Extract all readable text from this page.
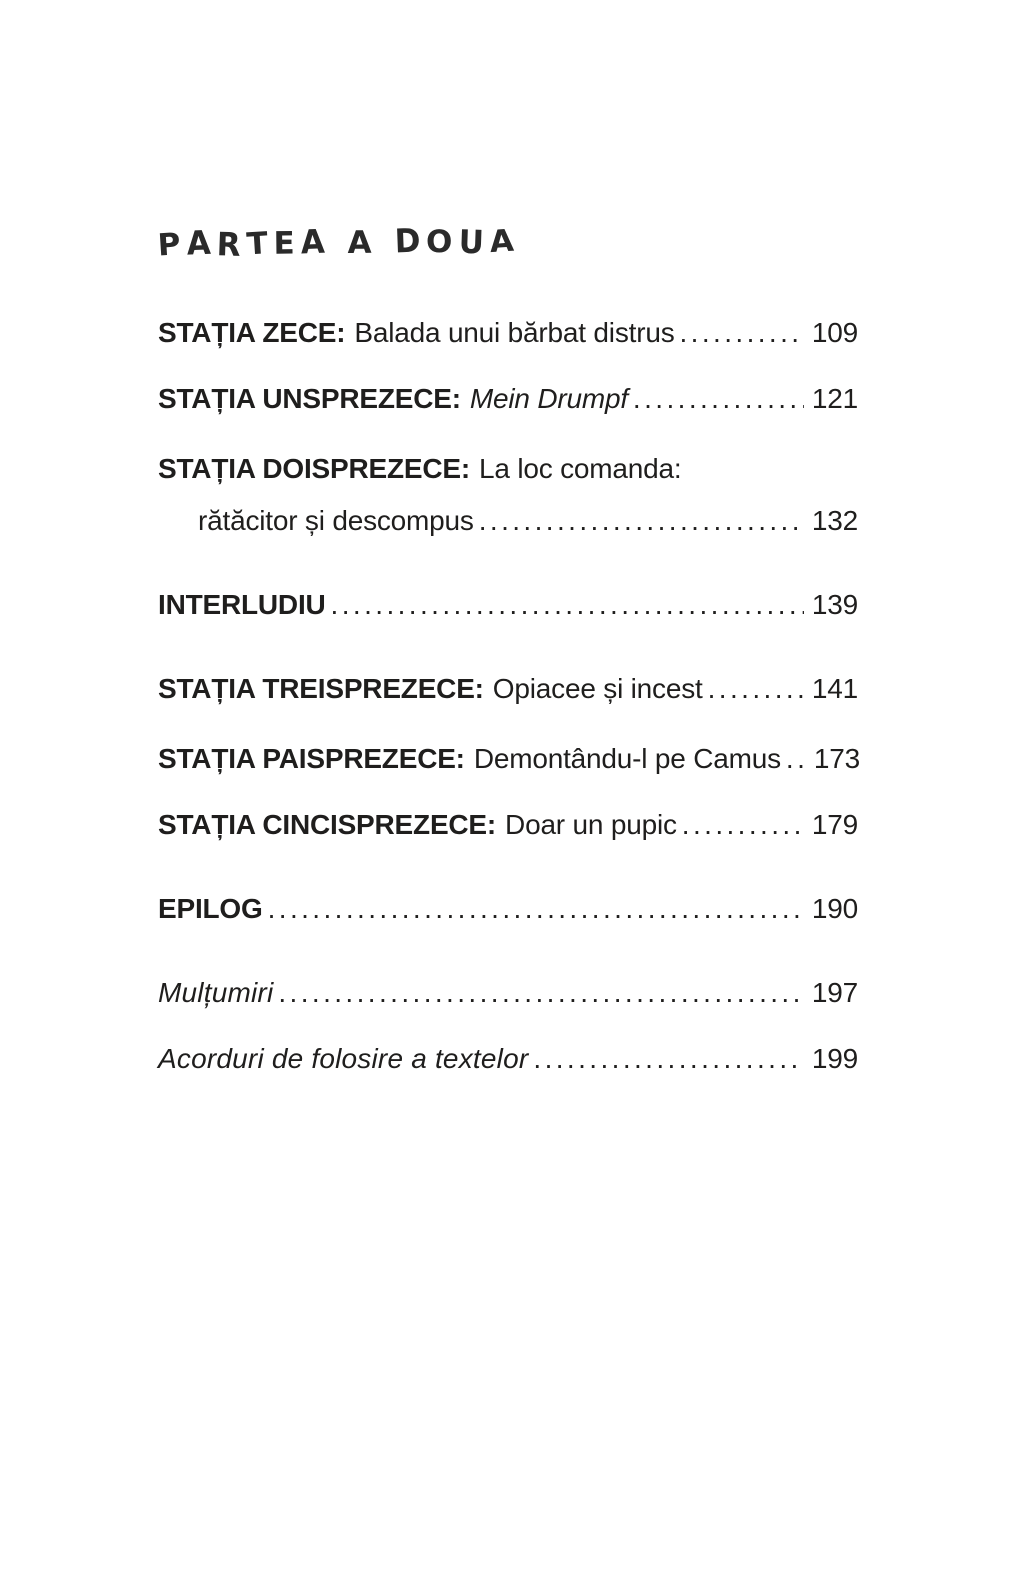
PARTEA A DOUA
STAȚIA ZECE: Balada unui bărbat distrus .....	109
STAȚIA UNSPREZECE: Mein Drumpf .....	121
STAȚIA DOISPREZECE: La loc comanda:
rătăcitor și descompus .....	132
INTERLUDIU .....	139
STAȚIA TREISPREZECE: Opiacee și incest .....	141
STAȚIA PAISPREZECE: Demontându-l pe Camus ..... 173
STAȚIA CINCISPREZECE: Doar un pupic .....	179
EPILOG .....	190
Mulțumiri .....	197
Acorduri de folosire a textelor .....	199
